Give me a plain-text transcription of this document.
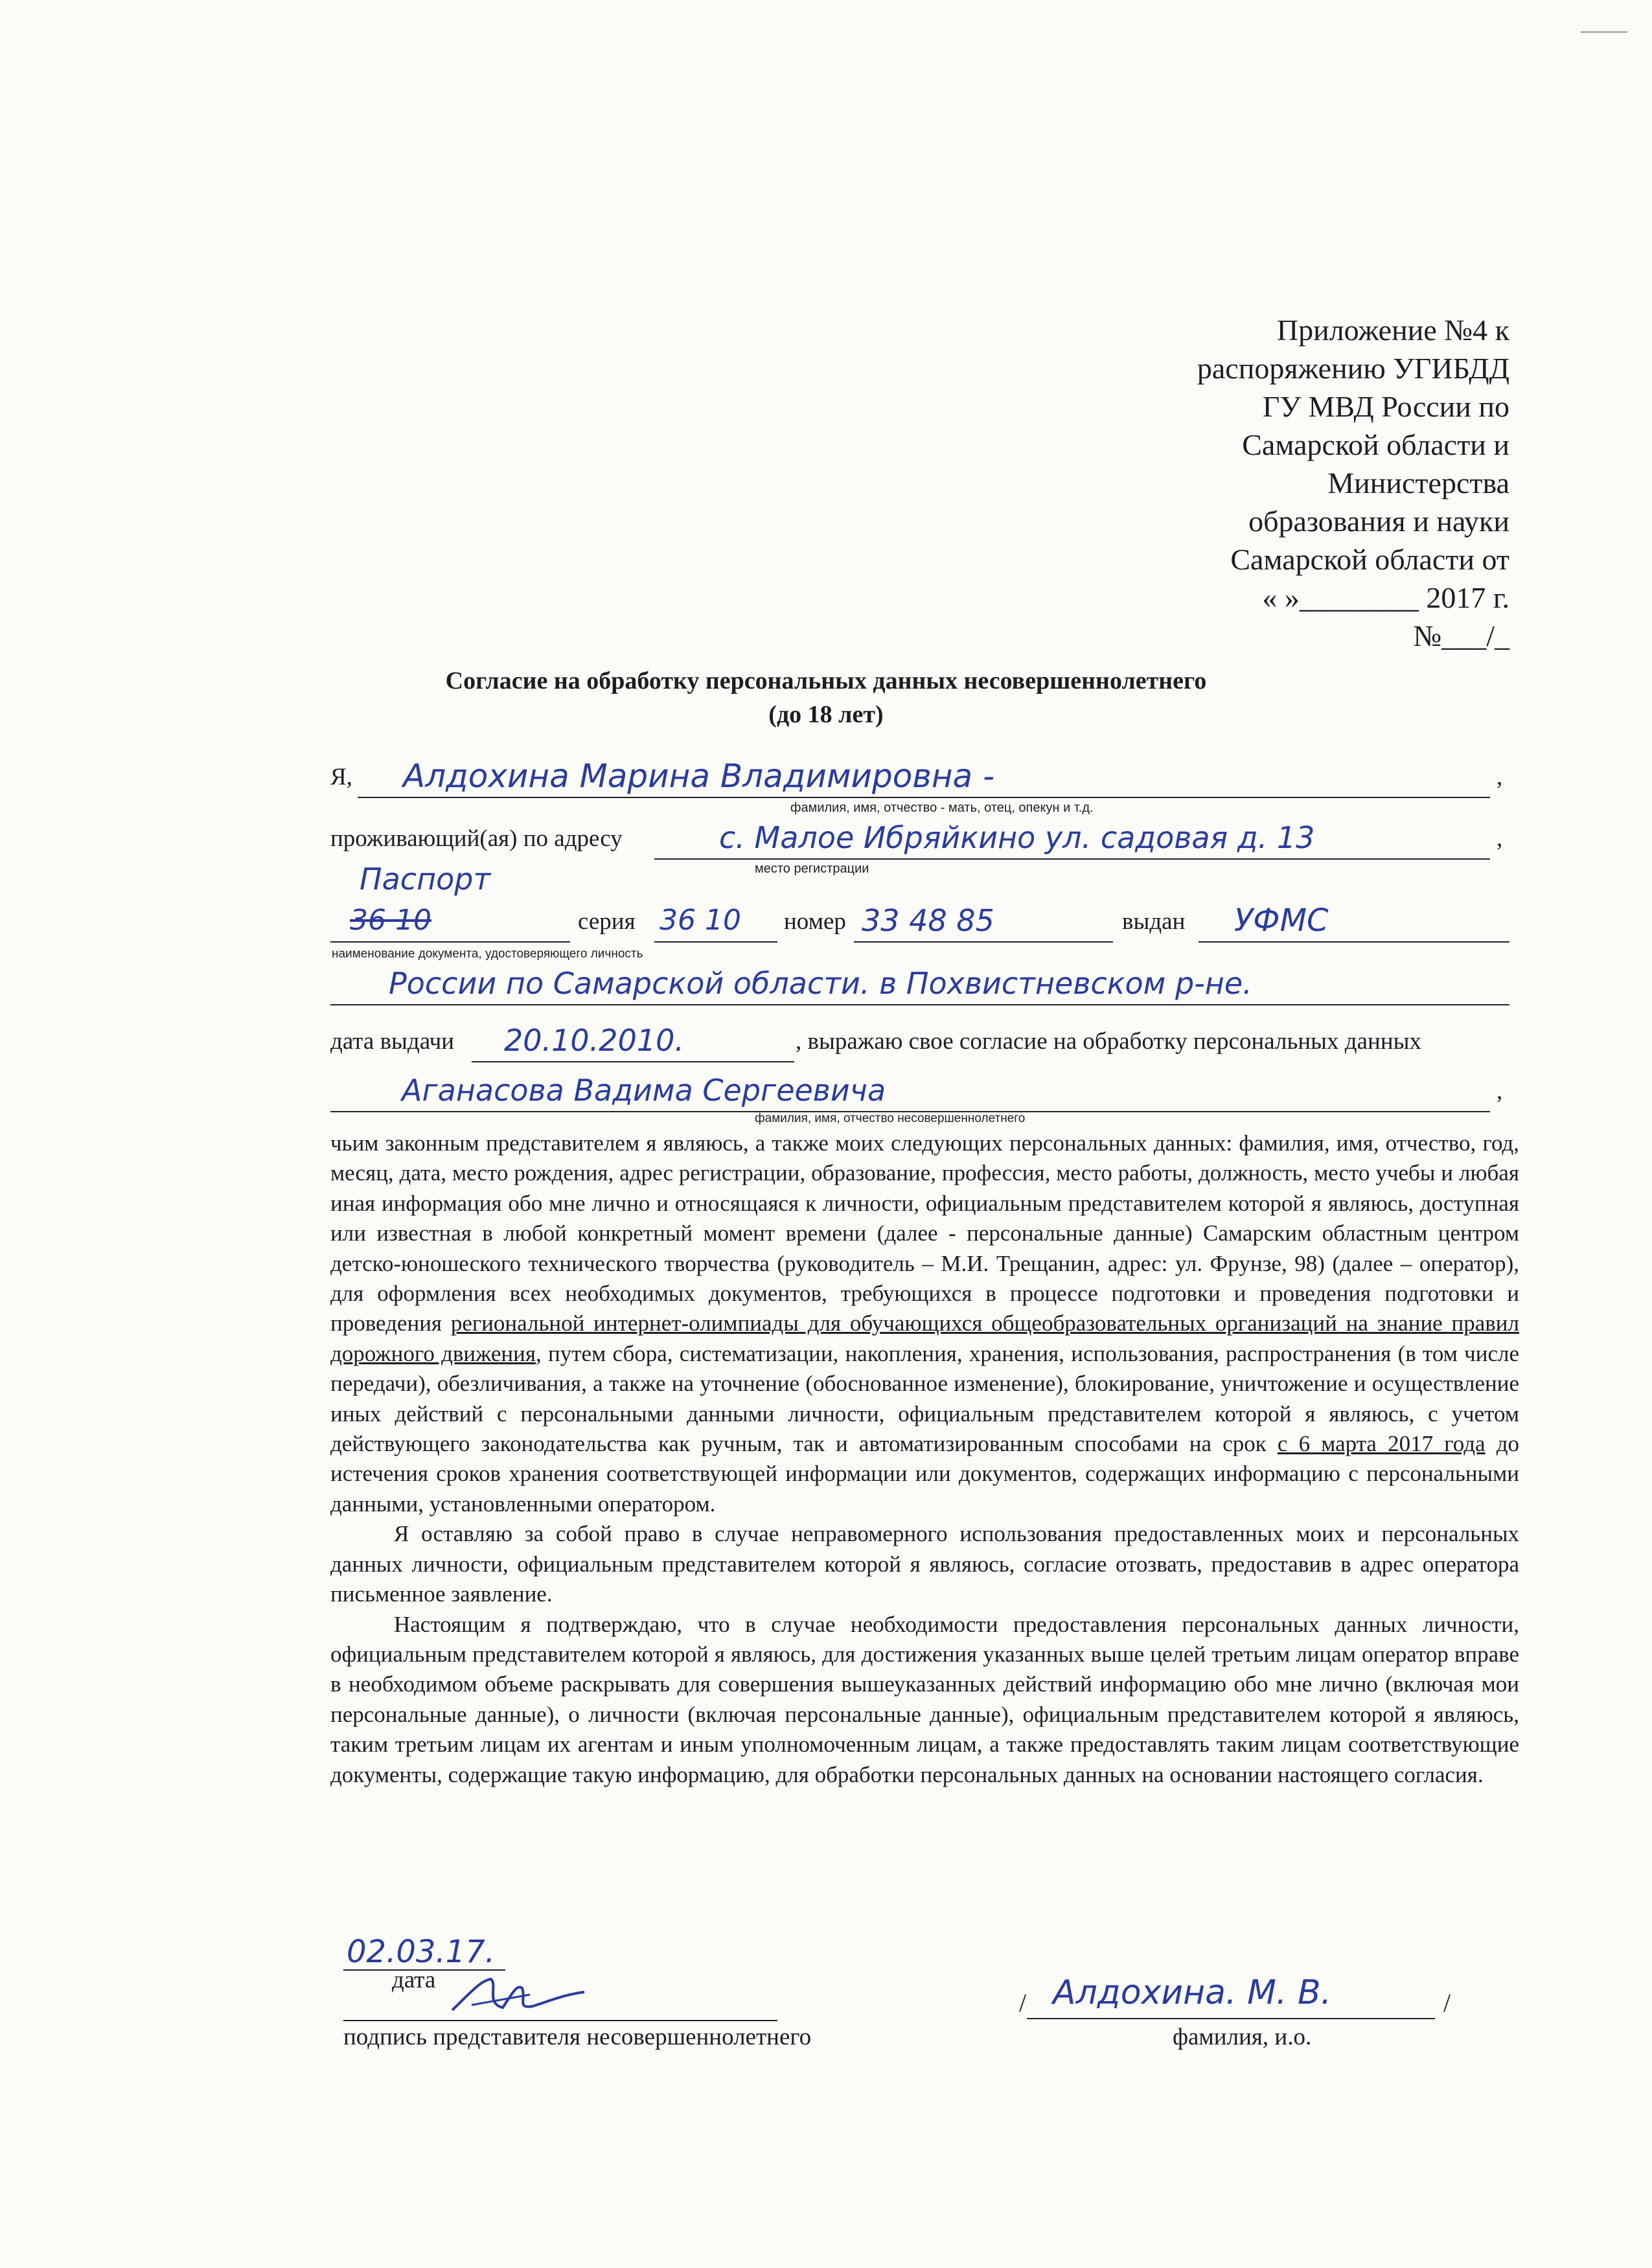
Приложение №4 к
распоряжению УГИБДД
ГУ МВД России по
Самарской области и
Министерства
образования и науки
Самарской области от
« »________ 2017 г.
№___/_
Согласие на обработку персональных данных несовершеннолетнего
(до 18 лет)
Я, Алдохина Марина Владимировна -	,
фамилия, имя, отчество - мать, отец, опекун и т.д.
проживающий(ая) по адресу	с. Малое Ибряйкино ул. садовая д. 13	,
место регистрации
Паспорт
36 10	серия 36 10 номер 33 48 85	выдан УФМС
наименование документа, удостоверяющего личность
России по Самарской области. в Похвистневском р-не.
дата выдачи 20.10.2010.	, выражаю свое согласие на обработку персональных данных
Аганасова Вадима Сергеевича	,
фамилия, имя, отчество несовершеннолетнего

чьим законным представителем я являюсь, а также моих следующих персональных данных: фамилия, имя, отчество, год, месяц, дата, место рождения, адрес регистрации, образование, профессия, место работы, должность, место учебы и любая иная информация обо мне лично и относящаяся к личности, официальным представителем которой я являюсь, доступная или известная в любой конкретный момент времени (далее - персональные данные) Самарским областным центром детско-юношеского технического творчества (руководитель – М.И. Трещанин, адрес: ул. Фрунзе, 98) (далее – оператор), для оформления всех необходимых документов, требующихся в процессе подготовки и проведения подготовки и проведения региональной интернет-олимпиады для обучающихся общеобразовательных организаций на знание правил дорожного движения, путем сбора, систематизации, накопления, хранения, использования, распространения (в том числе передачи), обезличивания, а также на уточнение (обоснованное изменение), блокирование, уничтожение и осуществление иных действий с персональными данными личности, официальным представителем которой я являюсь, с учетом действующего законодательства как ручным, так и автоматизированным способами на срок с 6 марта 2017 года до истечения сроков хранения соответствующей информации или документов, содержащих информацию с персональными данными, установленными оператором.

Я оставляю за собой право в случае неправомерного использования предоставленных моих и персональных данных личности, официальным представителем которой я являюсь, согласие отозвать, предоставив в адрес оператора письменное заявление.

Настоящим я подтверждаю, что в случае необходимости предоставления персональных данных личности, официальным представителем которой я являюсь, для достижения указанных выше целей третьим лицам оператор вправе в необходимом объеме раскрывать для совершения вышеуказанных действий информацию обо мне лично (включая мои персональные данные), о личности (включая персональные данные), официальным представителем которой я являюсь, таким третьим лицам их агентам и иным уполномоченным лицам, а также предоставлять таким лицам соответствующие документы, содержащие такую информацию, для обработки персональных данных на основании настоящего согласия.

02.03.17.
дата
подпись представителя несовершеннолетнего
/ Алдохина. М. В.	/
фамилия, и.о.
